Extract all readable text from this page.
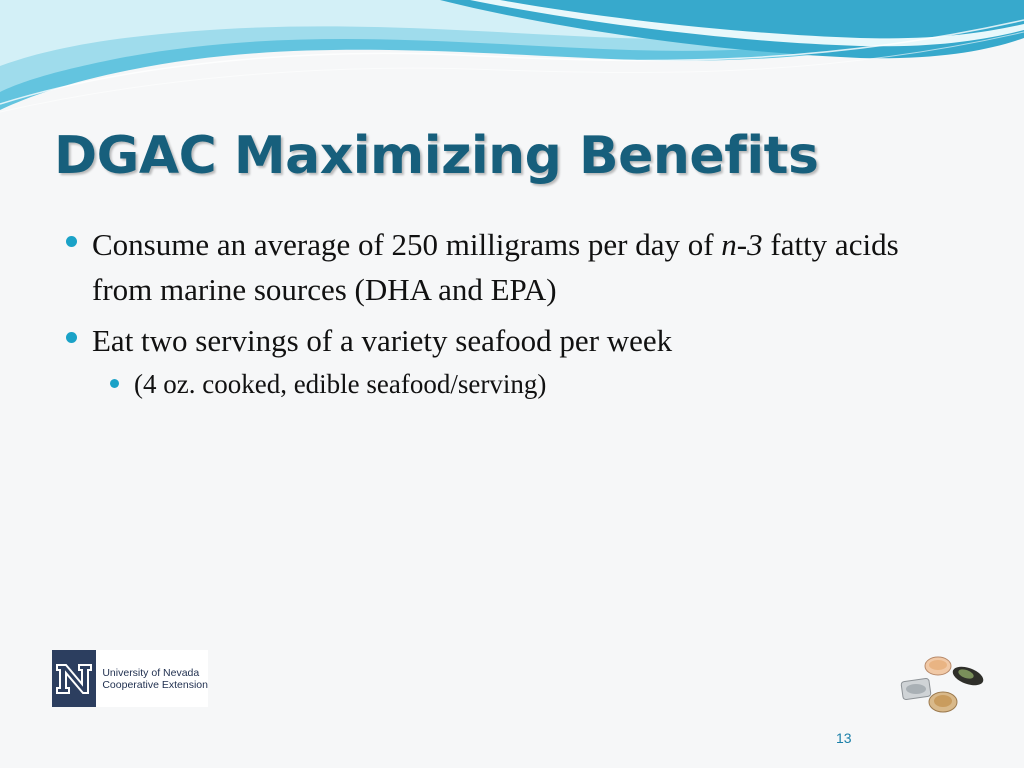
DGAC Maximizing Benefits
Consume an average of 250 milligrams per day of n-3 fatty acids from marine sources (DHA and EPA)
Eat two servings of a variety seafood per week
(4 oz. cooked, edible seafood/serving)
University of Nevada
Cooperative Extension
13
